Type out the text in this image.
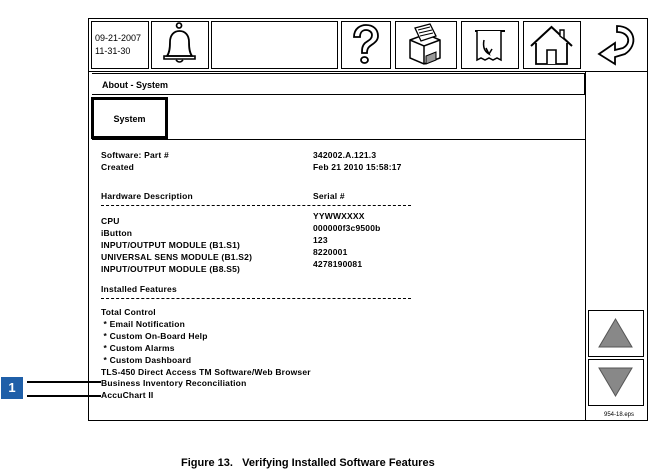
09-21-2007
11-31-30
About - System
System
Software: Part #	342002.A.121.3
Created	Feb 21 2010 15:58:17
Hardware Description	Serial #
CPU	YYWWXXXX
iButton	000000f3c9500b
INPUT/OUTPUT MODULE (B1.S1)	123
UNIVERSAL SENS MODULE (B1.S2)	8220001
INPUT/OUTPUT MODULE (B8.S5)	4278190081
Installed Features
Total Control
* Email Notification
* Custom On-Board Help
* Custom Alarms
* Custom Dashboard
TLS-450 Direct Access TM Software/Web Browser
Business Inventory Reconciliation
AccuChart II
1
954-18.eps
Figure 13.   Verifying Installed Software Features
